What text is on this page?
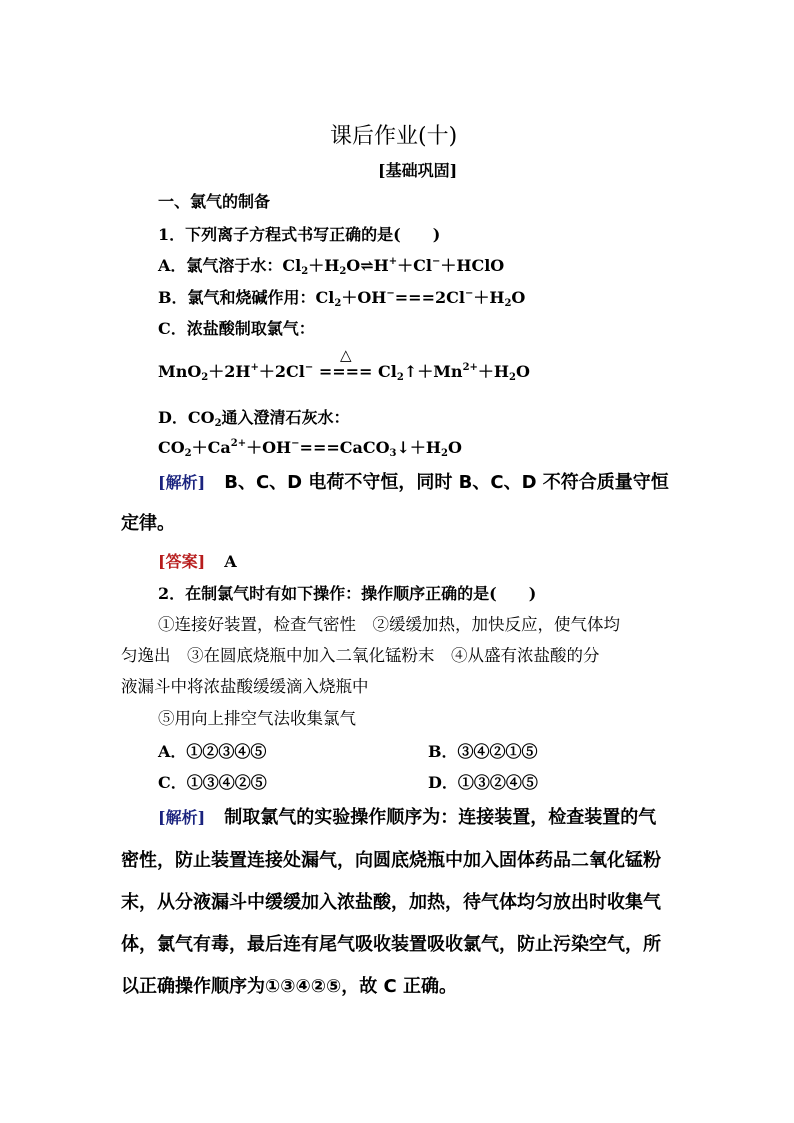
课后作业(十)
[基础巩固]
一、氯气的制备
1．下列离子方程式书写正确的是(　　)
A．氯气溶于水：$Cl_2+H_2O\rightleftharpoons H^++Cl^-+HClO$
B．氯气和烧碱作用：$Cl_2+OH^-===2Cl^-+H_2O$
C．浓盐酸制取氯气：
△
MnO$_2$＋2H+＋2Cl− ==== $Cl_2↑+Mn^{2+}+H_2O$
D．$CO_2$通入澄清石灰水：
$CO_2+Ca^{2+}+OH^-===CaCO_3↓+H_2O$
[解析] B、C、D 电荷不守恒，同时 B、C、D 不符合质量守恒
定律。
[答案] A
2．在制氯气时有如下操作：操作顺序正确的是(　　)
①连接好装置，检查气密性　②缓缓加热，加快反应，使气体均
匀逸出　③在圆底烧瓶中加入二氧化锰粉末　④从盛有浓盐酸的分
液漏斗中将浓盐酸缓缓滴入烧瓶中
⑤用向上排空气法收集氯气
A．①②③④⑤	B．③④②①⑤
C．①③④②⑤	D．①③②④⑤
[解析] 制取氯气的实验操作顺序为：连接装置，检查装置的气
密性，防止装置连接处漏气，向圆底烧瓶中加入固体药品二氧化锰粉
末，从分液漏斗中缓缓加入浓盐酸，加热，待气体均匀放出时收集气
体，氯气有毒，最后连有尾气吸收装置吸收氯气，防止污染空气，所
以正确操作顺序为①③④②⑤，故 C 正确。
